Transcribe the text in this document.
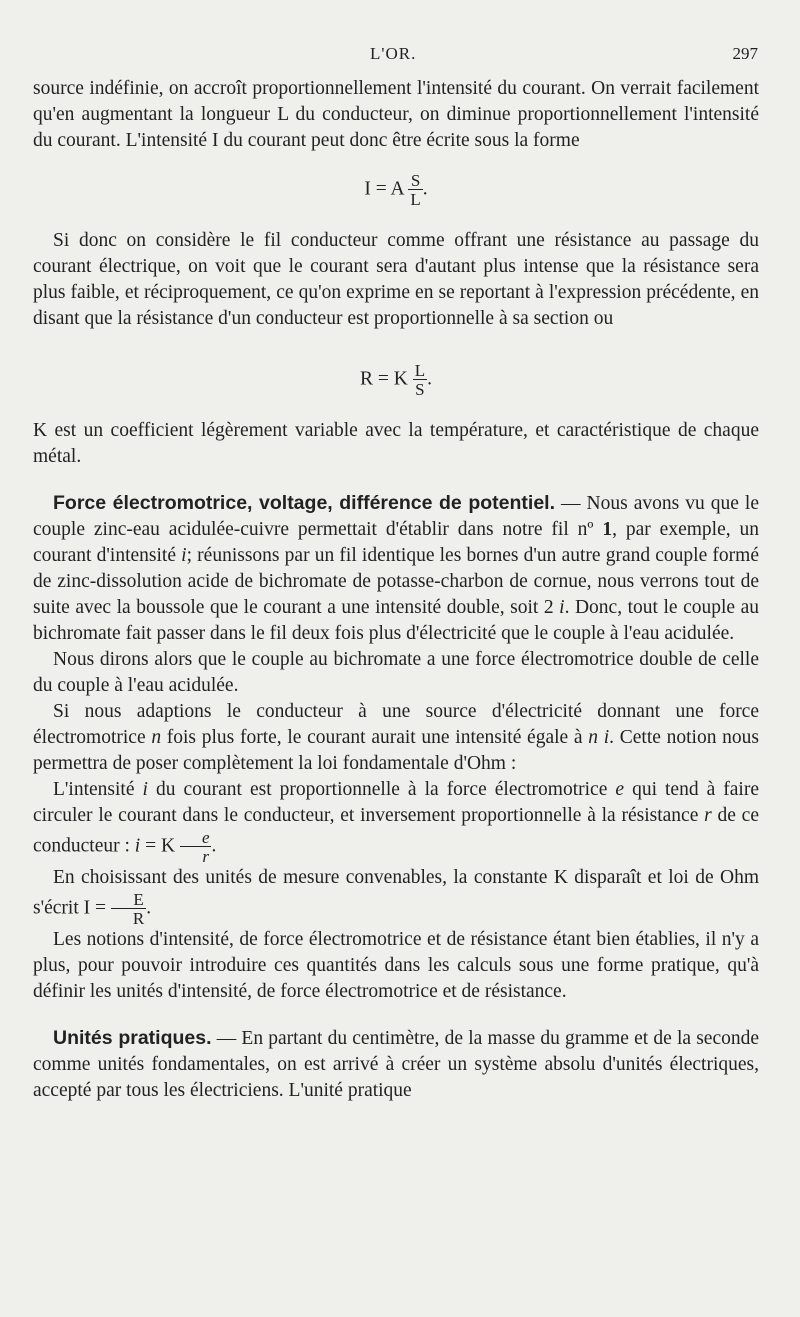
L'OR.	297

source indéfinie, on accroît proportionnellement l'intensité du courant. On verrait facilement qu'en augmentant la longueur L du conducteur, on diminue proportionnellement l'intensité du courant. L'intensité I du courant peut donc être écrite sous la forme

I = A $\frac{S}{L}$ .

Si donc on considère le fil conducteur comme offrant une résistance au passage du courant électrique, on voit que le courant sera d'autant plus intense que la résistance sera plus faible, et réciproquement, ce qu'on exprime en se reportant à l'expression précédente, en disant que la résistance d'un conducteur est proportionnelle à sa section ou

R = K $\frac{L}{S}$ .

K est un coefficient légèrement variable avec la température, et caractéristique de chaque métal.

Force électromotrice, voltage, différence de potentiel. — Nous avons vu que le couple zinc-eau acidulée-cuivre permettait d'établir dans notre fil nº 1, par exemple, un courant d'intensité i; réunissons par un fil identique les bornes d'un autre grand couple formé de zinc-dissolution acide de bichromate de potasse-charbon de cornue, nous verrons tout de suite avec la boussole que le courant a une intensité double, soit 2 i. Donc, tout le couple au bichromate fait passer dans le fil deux fois plus d'électricité que le couple à l'eau acidulée.

Nous dirons alors que le couple au bichromate a une force électromotrice double de celle du couple à l'eau acidulée.

Si nous adaptions le conducteur à une source d'électricité donnant une force électromotrice n fois plus forte, le courant aurait une intensité égale à n i. Cette notion nous permettra de poser complètement la loi fondamentale d'Ohm :

L'intensité i du courant est proportionnelle à la force électromotrice e qui tend à faire circuler le courant dans le conducteur, et inversement proportionnelle à la résistance r de ce conducteur : i = K $\frac{e}{r}$ .

En choisissant des unités de mesure convenables, la constante K disparaît et loi de Ohm s'écrit $I = \frac{E}{R}$ .

Les notions d'intensité, de force électromotrice et de résistance étant bien établies, il n'y a plus, pour pouvoir introduire ces quantités dans les calculs sous une forme pratique, qu'à définir les unités d'intensité, de force électromotrice et de résistance.

Unités pratiques. — En partant du centimètre, de la masse du gramme et de la seconde comme unités fondamentales, on est arrivé à créer un système absolu d'unités électriques, accepté par tous les électriciens. L'unité pratique
